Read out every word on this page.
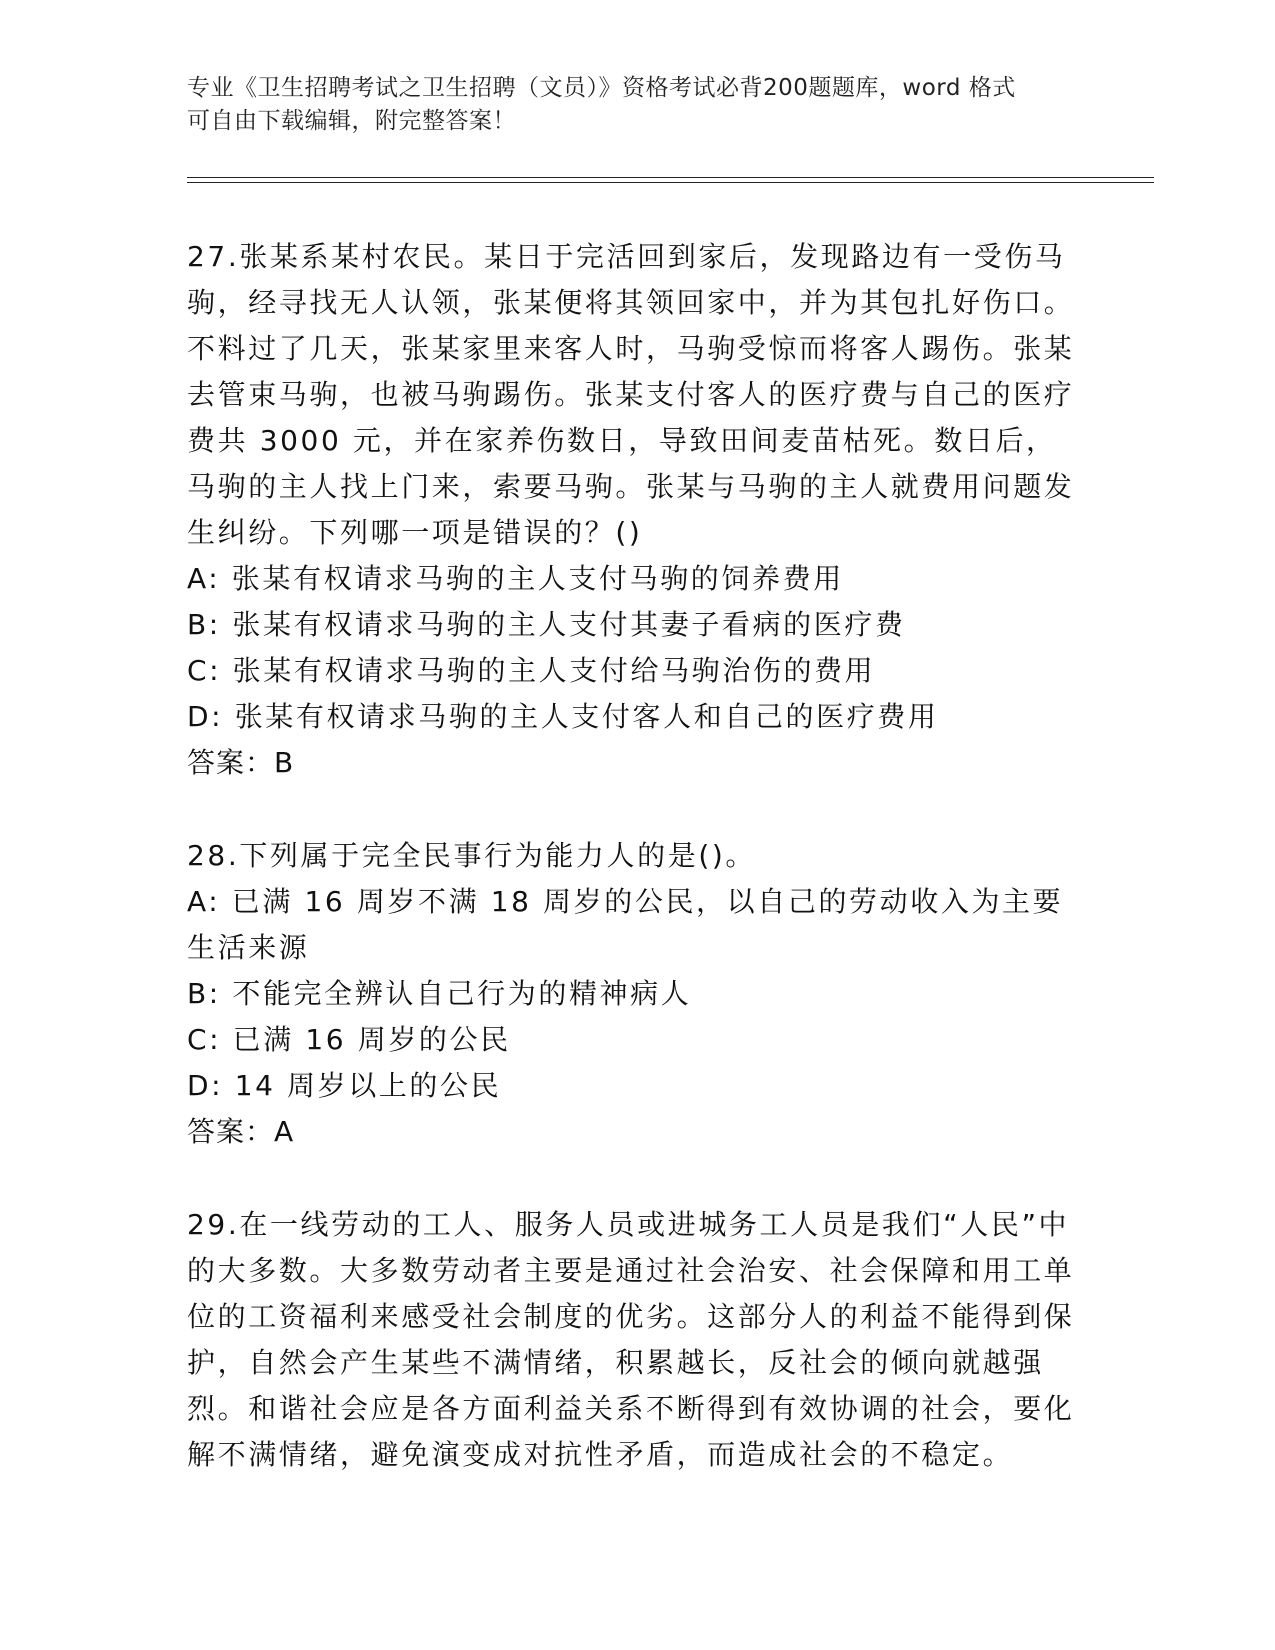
专业《卫生招聘考试之卫生招聘（文员）》资格考试必背200题题库，word 格式
可自由下载编辑，附完整答案！

27.张某系某村农民。某日于完活回到家后，发现路边有一受伤马驹，经寻找无人认领，张某便将其领回家中，并为其包扎好伤口。不料过了几天，张某家里来客人时，马驹受惊而将客人踢伤。张某去管束马驹，也被马驹踢伤。张某支付客人的医疗费与自己的医疗费共 3000 元，并在家养伤数日，导致田间麦苗枯死。数日后，马驹的主人找上门来，索要马驹。张某与马驹的主人就费用问题发生纠纷。下列哪一项是错误的？()

A: 张某有权请求马驹的主人支付马驹的饲养费用
B: 张某有权请求马驹的主人支付其妻子看病的医疗费
C: 张某有权请求马驹的主人支付给马驹治伤的费用
D: 张某有权请求马驹的主人支付客人和自己的医疗费用

答案：B

28.下列属于完全民事行为能力人的是()。

A: 已满 16 周岁不满 18 周岁的公民，以自己的劳动收入为主要生活来源
B: 不能完全辨认自己行为的精神病人
C: 已满 16 周岁的公民
D: 14 周岁以上的公民

答案：A

29.在一线劳动的工人、服务人员或进城务工人员是我们“人民”中的大多数。大多数劳动者主要是通过社会治安、社会保障和用工单位的工资福利来感受社会制度的优劣。这部分人的利益不能得到保护，自然会产生某些不满情绪，积累越长，反社会的倾向就越强烈。和谐社会应是各方面利益关系不断得到有效协调的社会，要化解不满情绪，避免演变成对抗性矛盾，而造成社会的不稳定。
